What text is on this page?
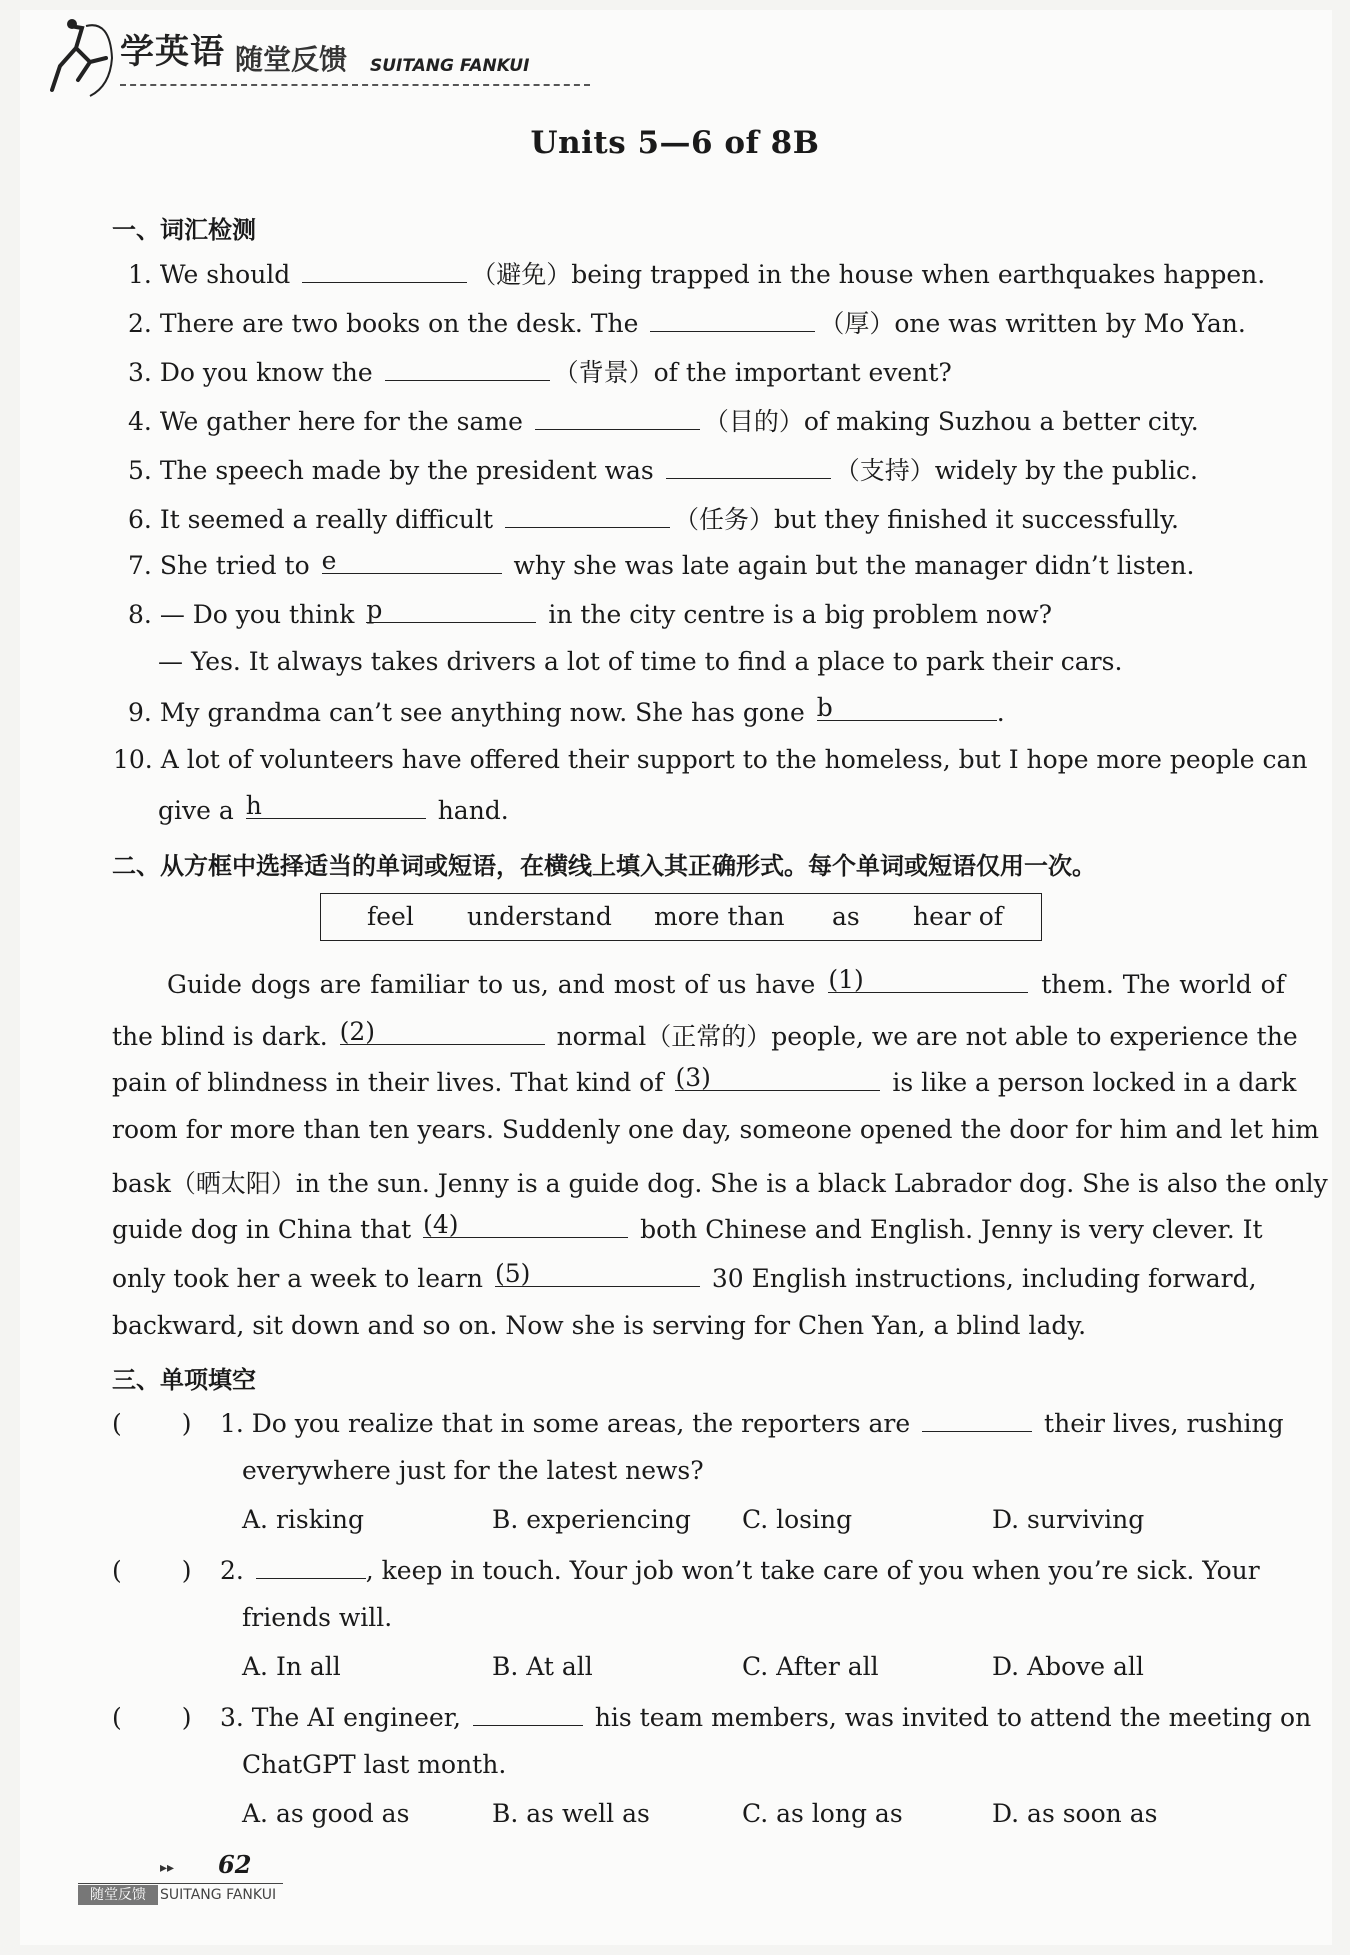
学英语 随堂反馈 SUITANG FANKUI
Units 5—6 of 8B
一、词汇检测
1. We should	（避免）being trapped in the house when earthquakes happen.
2. There are two books on the desk. The	（厚）one was written by Mo Yan.
3. Do you know the	（背景）of the important event?
4. We gather here for the same	（目的）of making Suzhou a better city.
5. The speech made by the president was	（支持）widely by the public.
6. It seemed a really difficult	（任务）but they finished it successfully.
7. She tried to e	why she was late again but the manager didn’t listen.
8. — Do you think p	in the city centre is a big problem now?
— Yes. It always takes drivers a lot of time to find a place to park their cars.
9. My grandma can’t see anything now. She has gone b	.
10. A lot of volunteers have offered their support to the homeless, but I hope more people can
give a h	hand.
二、从方框中选择适当的单词或短语，在横线上填入其正确形式。每个单词或短语仅用一次。
feel understand more than as hear of
Guide dogs are familiar to us, and most of us have (1)	them. The world of
the blind is dark. (2)	normal（正常的）people, we are not able to experience the
pain of blindness in their lives. That kind of (3)	is like a person locked in a dark
room for more than ten years. Suddenly one day, someone opened the door for him and let him
bask（晒太阳）in the sun. Jenny is a guide dog. She is a black Labrador dog. She is also the only
guide dog in China that (4)	both Chinese and English. Jenny is very clever. It
only took her a week to learn (5)	30 English instructions, including forward,
backward, sit down and so on. Now she is serving for Chen Yan, a blind lady.
三、单项填空
( ) 1. Do you realize that in some areas, the reporters are	their lives, rushing
everywhere just for the latest news?
A. risking	B. experiencing C. losing	D. surviving
( ) 2.	, keep in touch. Your job won’t take care of you when you’re sick. Your
friends will.
A. In all	B. At all	C. After all	D. Above all
( ) 3. The AI engineer,	his team members, was invited to attend the meeting on
ChatGPT last month.
A. as good as	B. as well as	C. as long as	D. as soon as
▸▸ 62
随堂反馈	SUITANG FANKUI
